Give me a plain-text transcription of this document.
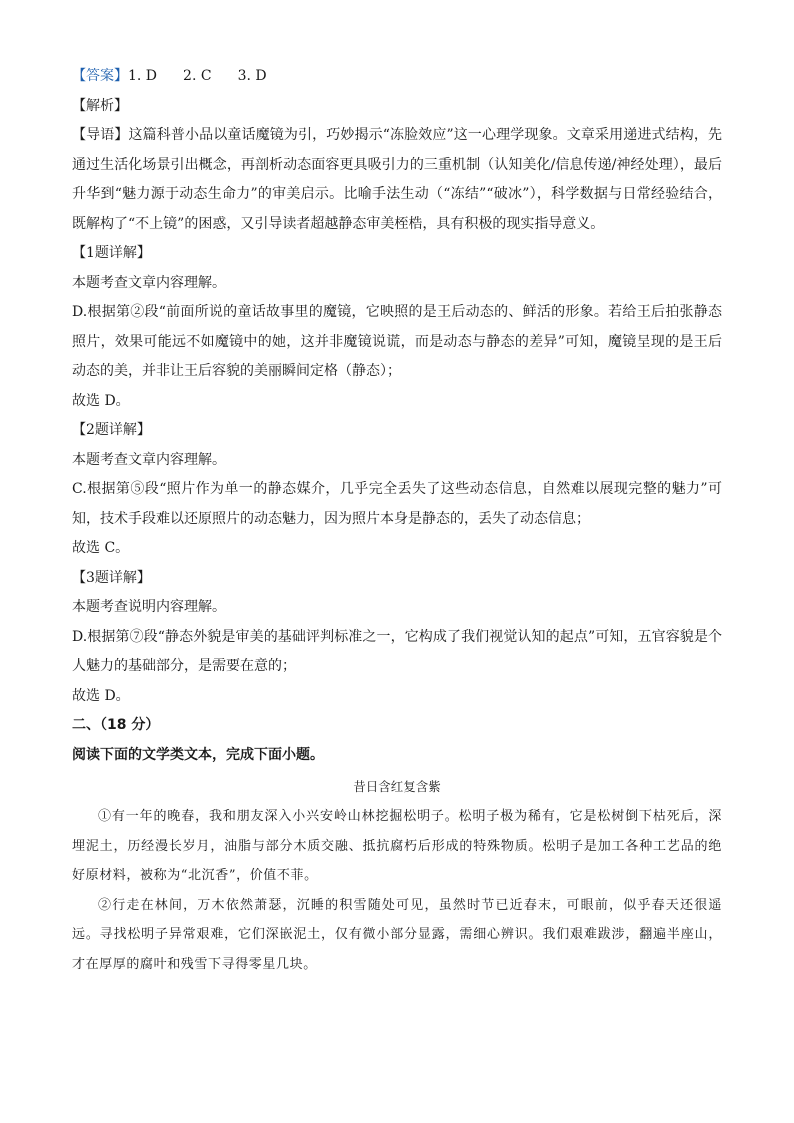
【答案】1. D 2. C 3. D
【解析】
【导语】这篇科普小品以童话魔镜为引，巧妙揭示“冻脸效应”这一心理学现象。文章采用递进式结构，先通过生活化场景引出概念，再剖析动态面容更具吸引力的三重机制（认知美化/信息传递/神经处理），最后升华到“魅力源于动态生命力”的审美启示。比喻手法生动（“冻结”“破冰”），科学数据与日常经验结合，既解构了“不上镜”的困惑，又引导读者超越静态审美桎梏，具有积极的现实指导意义。
【1题详解】
本题考查文章内容理解。
D.根据第②段“前面所说的童话故事里的魔镜，它映照的是王后动态的、鲜活的形象。若给王后拍张静态照片，效果可能远不如魔镜中的她，这并非魔镜说谎，而是动态与静态的差异”可知，魔镜呈现的是王后动态的美，并非让王后容貌的美丽瞬间定格（静态）；
故选 D。
【2题详解】
本题考查文章内容理解。
C.根据第⑤段“照片作为单一的静态媒介，几乎完全丢失了这些动态信息，自然难以展现完整的魅力”可知，技术手段难以还原照片的动态魅力，因为照片本身是静态的，丢失了动态信息；
故选 C。
【3题详解】
本题考查说明内容理解。
D.根据第⑦段“静态外貌是审美的基础评判标准之一，它构成了我们视觉认知的起点”可知，五官容貌是个人魅力的基础部分，是需要在意的；
故选 D。
二、（18 分）
阅读下面的文学类文本，完成下面小题。
昔日含红复含紫
①有一年的晚春，我和朋友深入小兴安岭山林挖掘松明子。松明子极为稀有，它是松树倒下枯死后，深埋泥土，历经漫长岁月，油脂与部分木质交融、抵抗腐朽后形成的特殊物质。松明子是加工各种工艺品的绝好原材料，被称为“北沉香”，价值不菲。
②行走在林间，万木依然萧瑟，沉睡的积雪随处可见，虽然时节已近春末，可眼前，似乎春天还很遥远。寻找松明子异常艰难，它们深嵌泥土，仅有微小部分显露，需细心辨识。我们艰难跋涉，翻遍半座山，才在厚厚的腐叶和残雪下寻得零星几块。
